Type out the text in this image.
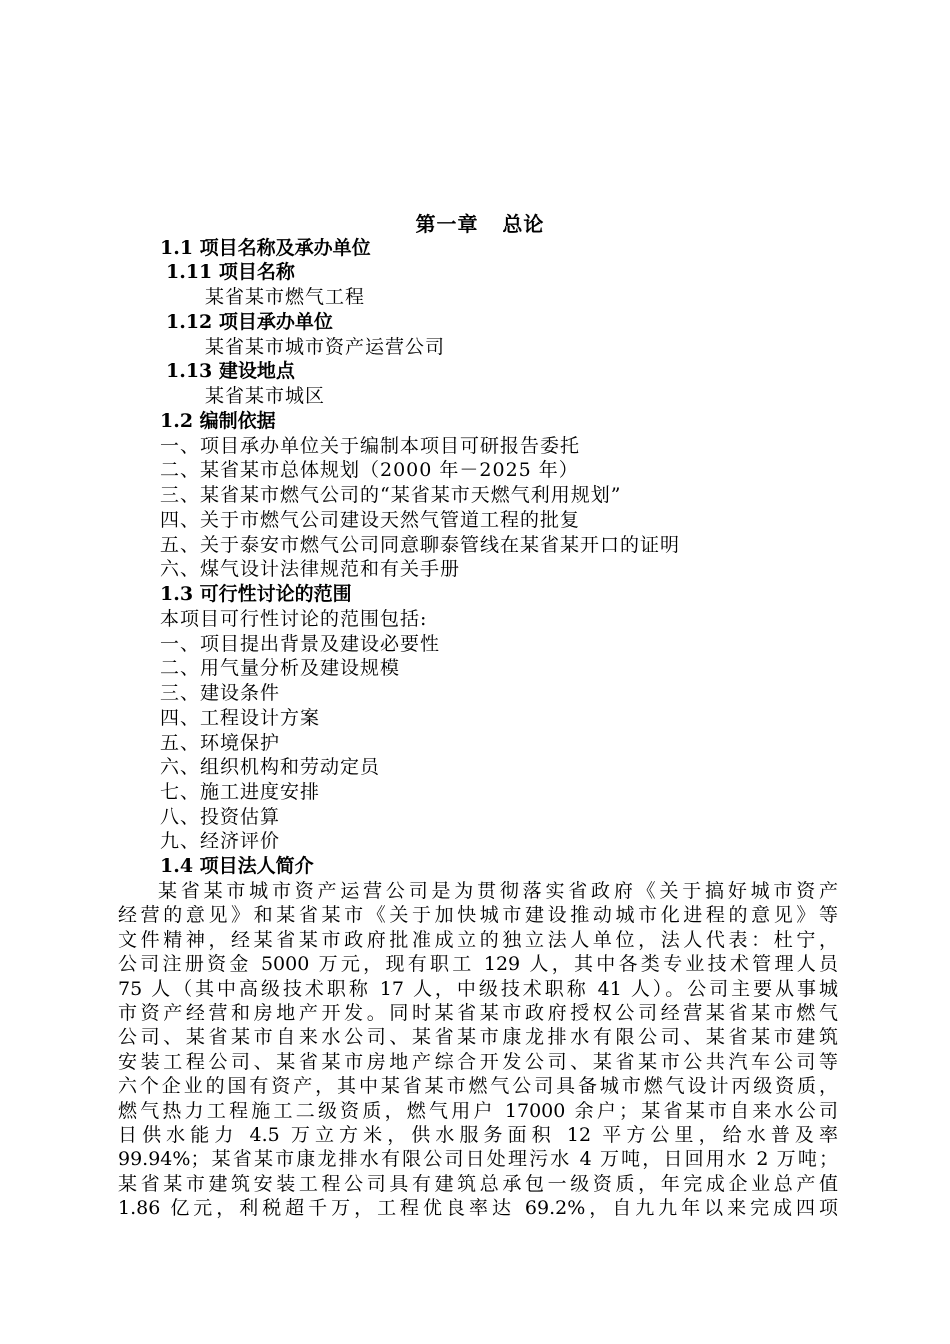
第一章   总论
1.1 项目名称及承办单位
1.11 项目名称
某省某市燃气工程
1.12 项目承办单位
某省某市城市资产运营公司
1.13 建设地点
某省某市城区
1.2 编制依据
一、项目承办单位关于编制本项目可研报告委托
二、某省某市总体规划（2000 年－2025 年）
三、某省某市燃气公司的“某省某市天燃气利用规划”
四、关于市燃气公司建设天然气管道工程的批复
五、关于泰安市燃气公司同意聊泰管线在某省某开口的证明
六、煤气设计法律规范和有关手册
1.3 可行性讨论的范围
本项目可行性讨论的范围包括:
一、项目提出背景及建设必要性
二、用气量分析及建设规模
三、建设条件
四、工程设计方案
五、环境保护
六、组织机构和劳动定员
七、施工进度安排
八、投资估算
九、经济评价
1.4 项目法人简介
某省某市城市资产运营公司是为贯彻落实省政府《关于搞好城市资产
经营的意见》和某省某市《关于加快城市建设推动城市化进程的意见》等
文件精神，经某省某市政府批准成立的独立法人单位，法人代表：杜宁，
公司注册资金 5000 万元，现有职工 129 人，其中各类专业技术管理人员
75 人（其中高级技术职称 17 人，中级技术职称 41 人）。公司主要从事城
市资产经营和房地产开发。同时某省某市政府授权公司经营某省某市燃气
公司、某省某市自来水公司、某省某市康龙排水有限公司、某省某市建筑
安装工程公司、某省某市房地产综合开发公司、某省某市公共汽车公司等
六个企业的国有资产，其中某省某市燃气公司具备城市燃气设计丙级资质，
燃气热力工程施工二级资质，燃气用户 17000 余户；某省某市自来水公司
日供水能力 4.5 万立方米，供水服务面积 12 平方公里，给水普及率
99.94%；某省某市康龙排水有限公司日处理污水 4 万吨，日回用水 2 万吨；
某省某市建筑安装工程公司具有建筑总承包一级资质，年完成企业总产值
1.86 亿元，利税超千万，工程优良率达 69.2%，自九九年以来完成四项
